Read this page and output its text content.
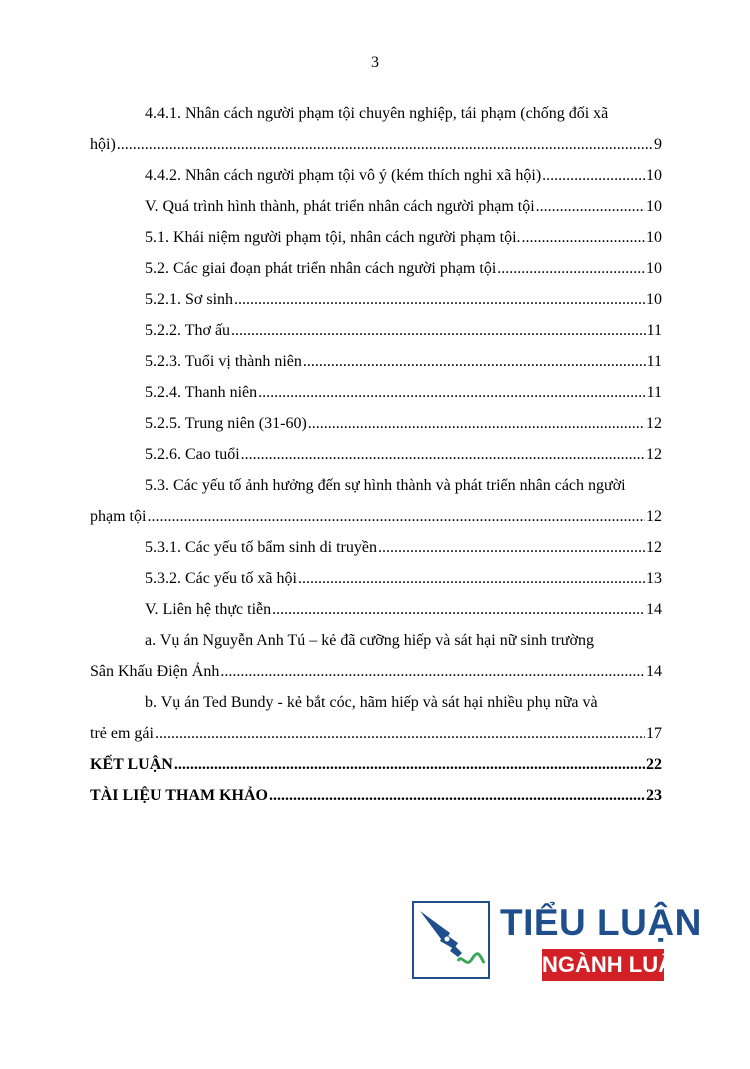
3
4.4.1. Nhân cách người phạm tội chuyên nghiệp, tái phạm (chống đối xã
hội) .....	9
4.4.2. Nhân cách người phạm tội vô ý (kém thích nghi xã hội) .....	10
V. Quá trình hình thành, phát triển nhân cách người phạm tội .....	10
5.1. Khái niệm người phạm tội, nhân cách người phạm tội. .....	10
5.2. Các giai đoạn phát triển nhân cách người phạm tội .....	10
5.2.1. Sơ sinh .....	10
5.2.2. Thơ ấu .....	11
5.2.3. Tuổi vị thành niên .....	11
5.2.4. Thanh niên .....	11
5.2.5. Trung niên (31-60) .....	12
5.2.6. Cao tuổi .....	12
5.3. Các yếu tố ảnh hưởng đến sự hình thành và phát triển nhân cách người
phạm tội .....	12
5.3.1. Các yếu tố bẩm sinh di truyền .....	12
5.3.2. Các yếu tố xã hội .....	13
V. Liên hệ thực tiễn .....	14
a. Vụ án Nguyễn Anh Tú – kẻ đã cưỡng hiếp và sát hại nữ sinh trường
Sân Khấu Điện Ảnh .....	14
b. Vụ án Ted Bundy - kẻ bắt cóc, hãm hiếp và sát hại nhiều phụ nữa và
trẻ em gái .....	17
KẾT LUẬN .....	22
TÀI LIỆU THAM KHẢO .....	23
TIỂU LUẬN
NGÀNH LUẬT
